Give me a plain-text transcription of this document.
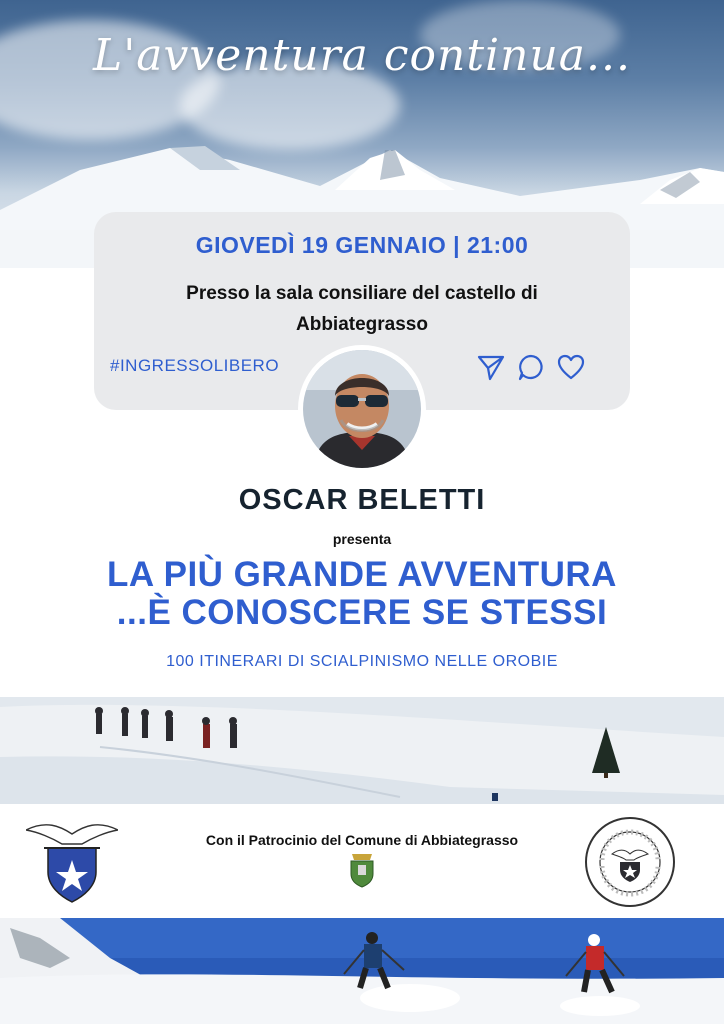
L'avventura continua...
GIOVEDÌ 19 GENNAIO | 21:00
Presso la sala consiliare del castello di
Abbiategrasso
#INGRESSOLIBERO
OSCAR BELETTI
presenta
LA PIÙ GRANDE AVVENTURA
...È CONOSCERE SE STESSI
100 ITINERARI DI SCIALPINISMO NELLE OROBIE
Con il Patrocinio del Comune di Abbiategrasso
